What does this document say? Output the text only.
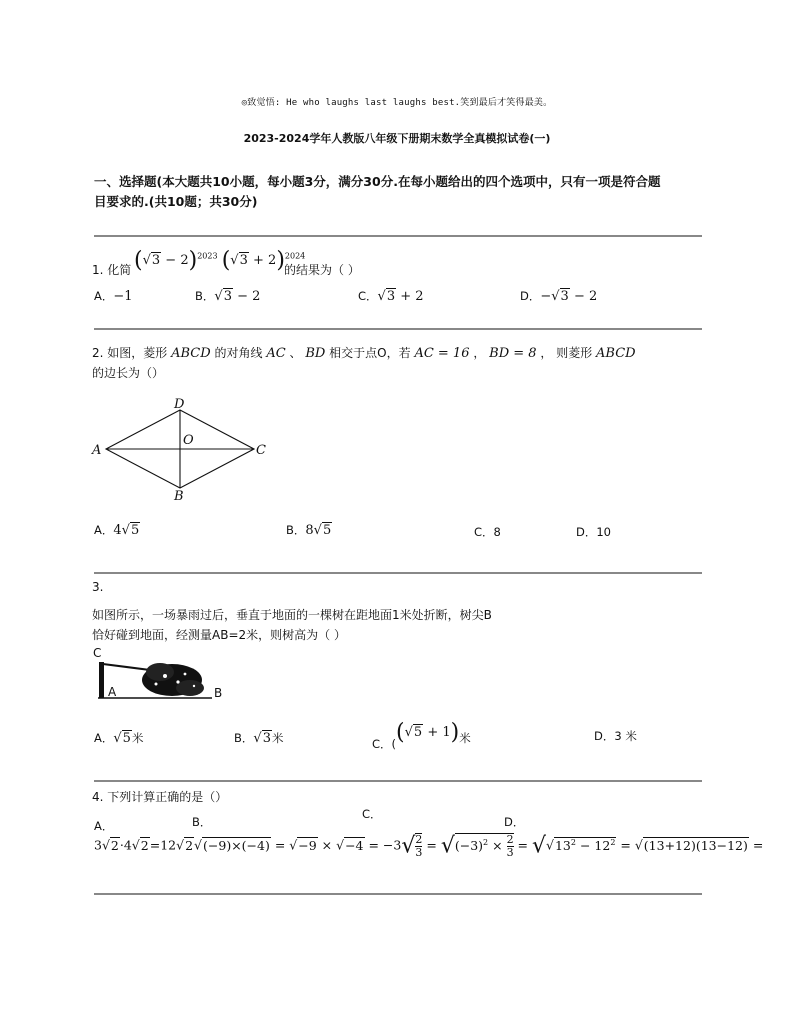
◎致觉悟: He who laughs last laughs best.笑到最后才笑得最美。
2023-2024学年人教版八年级下册期末数学全真模拟试卷(一)
一、选择题(本大题共10小题，每小题3分，满分30分.在每小题给出的四个选项中，只有一项是符合题
目要求的.(共10题；共30分)
1. 化简 $(√3 - 2)^{2023}$ $(√3 + 2)^{2024}$
的结果为（ ）
A．−1	B．√3 − 2	C．√3 + 2	D．−√3 − 2
2. 如图，菱形 ABCD 的对角线 AC 、 BD 相交于点O，若 AC = 16 ， BD = 8 ， 则菱形 ABCD
的边长为（）
A
D
C
B
O
A．4√5	B．8√5	C．8	D．10
3.
如图所示，一场暴雨过后，垂直于地面的一棵树在距地面1米处折断，树尖B
恰好碰到地面，经测量AB=2米，则树高为（ ）
C
A	B
A．√5米	B．√3米	C．((√5 + 1)米	D．3 米
4. 下列计算正确的是（）
A．	B．
C．
D．
3√2·4√2=12√2√(−9)×(−4) = √−9 × √−4 = −3√2

$3 = √(-3)^2 \times 2$

$3 = √√13^2 - 12^2 = √(13+12)(13-12)$ =
